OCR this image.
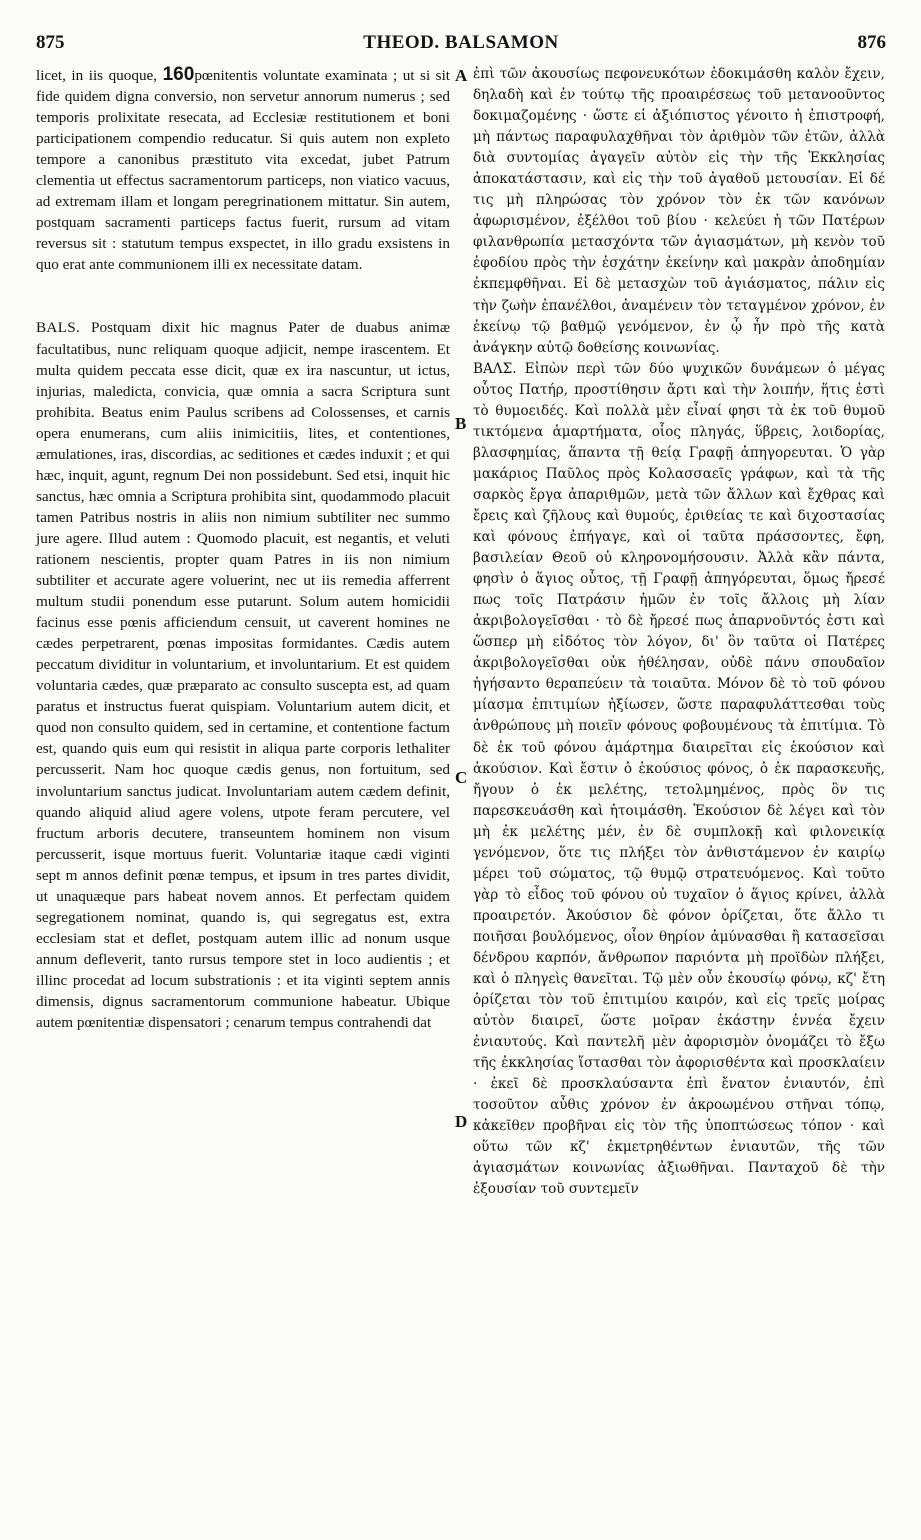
875	THEOD. BALSAMON	876

licet, in iis quoque, 160pœnitentis voluntate examinata ; ut si sit fide quidem digna conversio, non servetur annorum numerus ; sed temporis prolixitate resecata, ad Ecclesiæ restitutionem et boni participationem compendio reducatur. Si quis autem non expleto tempore a canonibus præstituto vita excedat, jubet Patrum clementia ut effectus sacramentorum particeps, non viatico vacuus, ad extremam illam et longam peregrinationem mittatur. Sin autem, postquam sacramenti particeps factus fuerit, rursum ad vitam reversus sit : statutum tempus exspectet, in illo gradu exsistens in quo erat ante communionem illi ex necessitate datam.

BALS. Postquam dixit hic magnus Pater de duabus animæ facultatibus, nunc reliquam quoque adjicit, nempe irascentem. Et multa quidem peccata esse dicit, quæ ex ira nascuntur, ut ictus, injurias, maledicta, convicia, quæ omnia a sacra Scriptura sunt prohibita. Beatus enim Paulus scribens ad Colossenses, et carnis opera enumerans, cum aliis inimicitiis, lites, et contentiones, æmulationes, iras, discordias, ac seditiones et cædes induxit ; et qui hæc, inquit, agunt, regnum Dei non possidebunt. Sed etsi, inquit hic sanctus, hæc omnia a Scriptura prohibita sint, quodammodo placuit tamen Patribus nostris in aliis non nimium subtiliter nec summo jure agere. Illud autem : Quomodo placuit, est negantis, et veluti rationem nescientis, propter quam Patres in iis non nimium subtiliter et accurate agere voluerint, nec ut iis remedia afferrent multum studii ponendum esse putarunt. Solum autem homicidii facinus esse pœnis afficiendum censuit, ut caverent homines ne cædes perpetrarent, pœnas impositas formidantes. Cædis autem peccatum dividitur in voluntarium, et involuntarium. Et est quidem voluntaria cædes, quæ præparato ac consulto suscepta est, ad quam paratus et instructus fuerat quispiam. Voluntarium autem dicit, et quod non consulto quidem, sed in certamine, et contentione factum est, quando quis eum qui resistit in aliqua parte corporis lethaliter percusserit. Nam hoc quoque cædis genus, non fortuitum, sed involuntarium sanctus judicat. Involuntariam autem cædem definit, quando aliquid aliud agere volens, utpote feram percutere, vel fructum arboris decutere, transeuntem hominem non visum percusserit, isque mortuus fuerit. Voluntariæ itaque cædi viginti sept m annos definit pœnæ tempus, et ipsum in tres partes dividit, ut unaquæque pars habeat novem annos. Et perfectam quidem segregationem nominat, quando is, qui segregatus est, extra ecclesiam stat et deflet, postquam autem illic ad nonum usque annum defleverit, tanto rursus tempore stet in loco audientis ; et illinc procedat ad locum substrationis : et ita viginti septem annis dimensis, dignus sacramentorum communione habeatur. Ubique autem pœnitentiæ dispensatori ; cenarum tempus contrahendi dat

A
B
C
D

ἐπὶ τῶν ἀκουσίως πεφονευκότων ἐδοκιμάσθη καλὸν ἔχειν, δηλαδὴ καὶ ἐν τούτῳ τῆς προαιρέσεως τοῦ μετανοοῦντος δοκιμαζομένης · ὥστε εἰ ἀξιόπιστος γένοιτο ἡ ἐπιστροφή, μὴ πάντως παραφυλαχθῆναι τὸν ἀριθμὸν τῶν ἐτῶν, ἀλλὰ διὰ συντομίας ἀγαγεῖν αὐτὸν εἰς τὴν τῆς Ἐκκλησίας ἀποκατάστασιν, καὶ εἰς τὴν τοῦ ἀγαθοῦ μετουσίαν. Εἰ δέ τις μὴ πληρώσας τὸν χρόνον τὸν ἐκ τῶν κανόνων ἀφωρισμένον, ἐξέλθοι τοῦ βίου · κελεύει ἡ τῶν Πατέρων φιλανθρωπία μετασχόντα τῶν ἁγιασμάτων, μὴ κενὸν τοῦ ἐφοδίου πρὸς τὴν ἐσχάτην ἐκείνην καὶ μακρὰν ἀποδημίαν ἐκπεμφθῆναι. Εἰ δὲ μετασχὼν τοῦ ἁγιάσματος, πάλιν εἰς τὴν ζωὴν ἐπανέλθοι, ἀναμένειν τὸν τεταγμένον χρόνον, ἐν ἐκείνῳ τῷ βαθμῷ γενόμενον, ἐν ᾧ ἦν πρὸ τῆς κατὰ ἀνάγκην αὐτῷ δοθείσης κοινωνίας.

ΒΑΛΣ. Εἰπὼν περὶ τῶν δύο ψυχικῶν δυνάμεων ὁ μέγας οὗτος Πατήρ, προστίθησιν ἄρτι καὶ τὴν λοιπήν, ἥτις ἐστὶ τὸ θυμοειδές. Καὶ πολλὰ μὲν εἶναί φησι τὰ ἐκ τοῦ θυμοῦ τικτόμενα ἁμαρτήματα, οἷος πληγάς, ὕβρεις, λοιδορίας, βλασφημίας, ἅπαντα τῇ θείᾳ Γραφῇ ἀπηγορευται. Ὁ γὰρ μακάριος Παῦλος πρὸς Κολασσαεῖς γράφων, καὶ τὰ τῆς σαρκὸς ἔργα ἀπαριθμῶν, μετὰ τῶν ἄλλων καὶ ἔχθρας καὶ ἔρεις καὶ ζῆλους καὶ θυμούς, ἐριθείας τε καὶ διχοστασίας καὶ φόνους ἐπήγαγε, καὶ οἱ ταῦτα πράσσοντες, ἔφη, βασιλείαν Θεοῦ οὐ κληρονομήσουσιν. Ἀλλὰ κἂν πάντα, φησὶν ὁ ἅγιος οὗτος, τῇ Γραφῇ ἀπηγόρευται, ὅμως ἤρεσέ πως τοῖς Πατράσιν ἡμῶν ἐν τοῖς ἄλλοις μὴ λίαν ἀκριβολογεῖσθαι · τὸ δὲ ἤρεσέ πως ἀπαρνοῦντός ἐστι καὶ ὥσπερ μὴ εἰδότος τὸν λόγον, δι' ὃν ταῦτα οἱ Πατέρες ἀκριβολογεῖσθαι οὐκ ἠθέλησαν, οὐδὲ πάνυ σπουδαῖον ἡγήσαντο θεραπεύειν τὰ τοιαῦτα. Μόνον δὲ τὸ τοῦ φόνου μίασμα ἐπιτιμίων ἠξίωσεν, ὥστε παραφυλάττεσθαι τοὺς ἀνθρώπους μὴ ποιεῖν φόνους φοβουμένους τὰ ἐπιτίμια. Τὸ δὲ ἐκ τοῦ φόνου ἁμάρτημα διαιρεῖται εἰς ἑκούσιον καὶ ἀκούσιον. Καὶ ἔστιν ὁ ἑκούσιος φόνος, ὁ ἐκ παρασκευῆς, ἤγουν ὁ ἐκ μελέτης, τετολμημένος, πρὸς ὃν τις παρεσκευάσθη καὶ ἡτοιμάσθη. Ἑκούσιον δὲ λέγει καὶ τὸν μὴ ἐκ μελέτης μέν, ἐν δὲ συμπλοκῇ καὶ φιλονεικίᾳ γενόμενον, ὅτε τις πλήξει τὸν ἀνθιστάμενον ἐν καιρίῳ μέρει τοῦ σώματος, τῷ θυμῷ στρατευόμενος. Καὶ τοῦτο γὰρ τὸ εἶδος τοῦ φόνου οὐ τυχαῖον ὁ ἅγιος κρίνει, ἀλλὰ προαιρετόν. Ἀκούσιον δὲ φόνον ὁρίζεται, ὅτε ἄλλο τι ποιῆσαι βουλόμενος, οἷον θηρίον ἀμύνασθαι ἢ κατασεῖσαι δένδρου καρπόν, ἄνθρωπον παριόντα μὴ προϊδὼν πλήξει, καὶ ὁ πληγεὶς θανεῖται. Τῷ μὲν οὖν ἑκουσίῳ φόνῳ, κζ' ἔτη ὁρίζεται τὸν τοῦ ἐπιτιμίου καιρόν, καὶ εἰς τρεῖς μοίρας αὐτὸν διαιρεῖ, ὥστε μοῖραν ἑκάστην ἐννέα ἔχειν ἐνιαυτούς. Καὶ παντελῆ μὲν ἀφορισμὸν ὀνομάζει τὸ ἔξω τῆς ἐκκλησίας ἵστασθαι τὸν ἀφορισθέντα καὶ προσκλαίειν · ἐκεῖ δὲ προσκλαύσαντα ἐπὶ ἔνατον ἐνιαυτόν, ἐπὶ τοσοῦτον αὖθις χρόνον ἐν ἀκροωμένου στῆναι τόπῳ, κἀκεῖθεν προβῆναι εἰς τὸν τῆς ὑποπτώσεως τόπον · καὶ οὕτω τῶν κζ' ἐκμετρηθέντων ἐνιαυτῶν, τῆς τῶν ἁγιασμάτων κοινωνίας ἀξιωθῆναι. Πανταχοῦ δὲ τὴν ἐξουσίαν τοῦ συντεμεῖν
